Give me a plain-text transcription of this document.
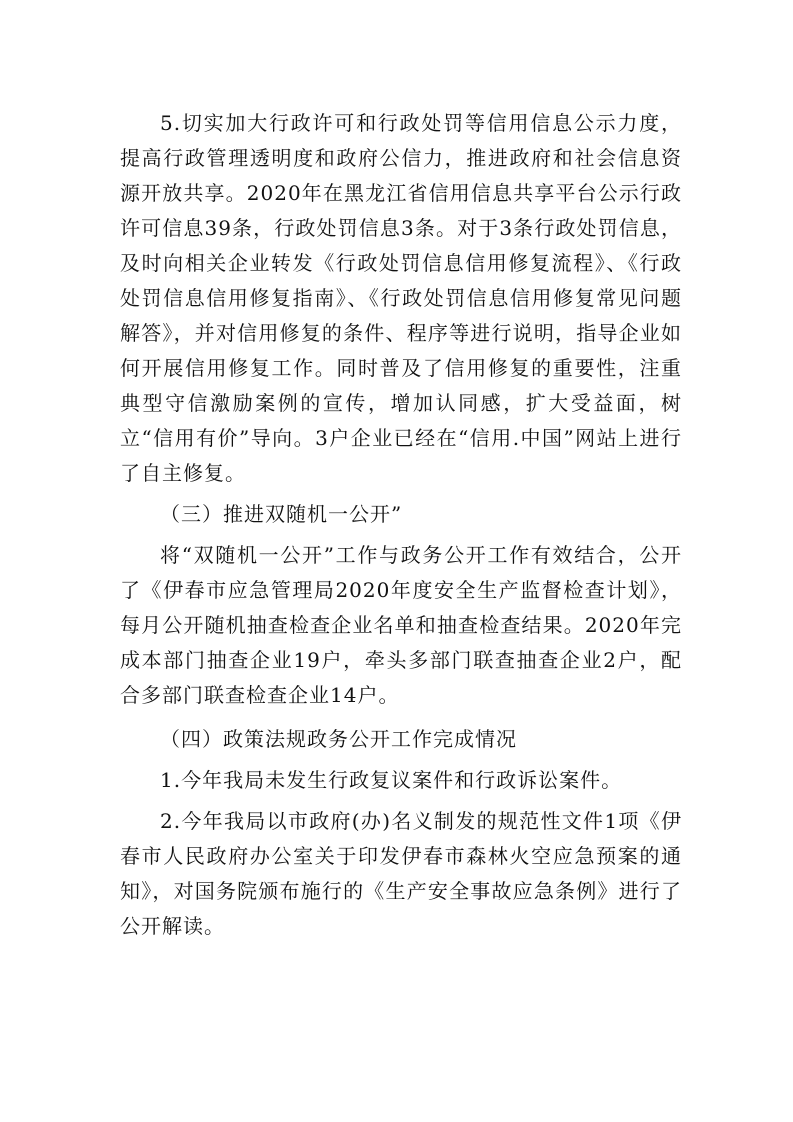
5.切实加大行政许可和行政处罚等信用信息公示力度，提高行政管理透明度和政府公信力，推进政府和社会信息资源开放共享。2020年在黑龙江省信用信息共享平台公示行政许可信息39条，行政处罚信息3条。对于3条行政处罚信息，及时向相关企业转发《行政处罚信息信用修复流程》、《行政处罚信息信用修复指南》、《行政处罚信息信用修复常见问题解答》，并对信用修复的条件、程序等进行说明，指导企业如何开展信用修复工作。同时普及了信用修复的重要性，注重典型守信激励案例的宣传，增加认同感，扩大受益面，树立“信用有价”导向。3户企业已经在“信用.中国”网站上进行了自主修复。

（三）推进双随机一公开”

将“双随机一公开”工作与政务公开工作有效结合，公开了《伊春市应急管理局2020年度安全生产监督检查计划》，每月公开随机抽查检查企业名单和抽查检查结果。2020年完成本部门抽查企业19户，牵头多部门联查抽查企业2户，配合多部门联查检查企业14户。

（四）政策法规政务公开工作完成情况

1.今年我局未发生行政复议案件和行政诉讼案件。

2.今年我局以市政府(办)名义制发的规范性文件1项《伊春市人民政府办公室关于印发伊春市森林火空应急预案的通知》，对国务院颁布施行的《生产安全事故应急条例》进行了公开解读。
